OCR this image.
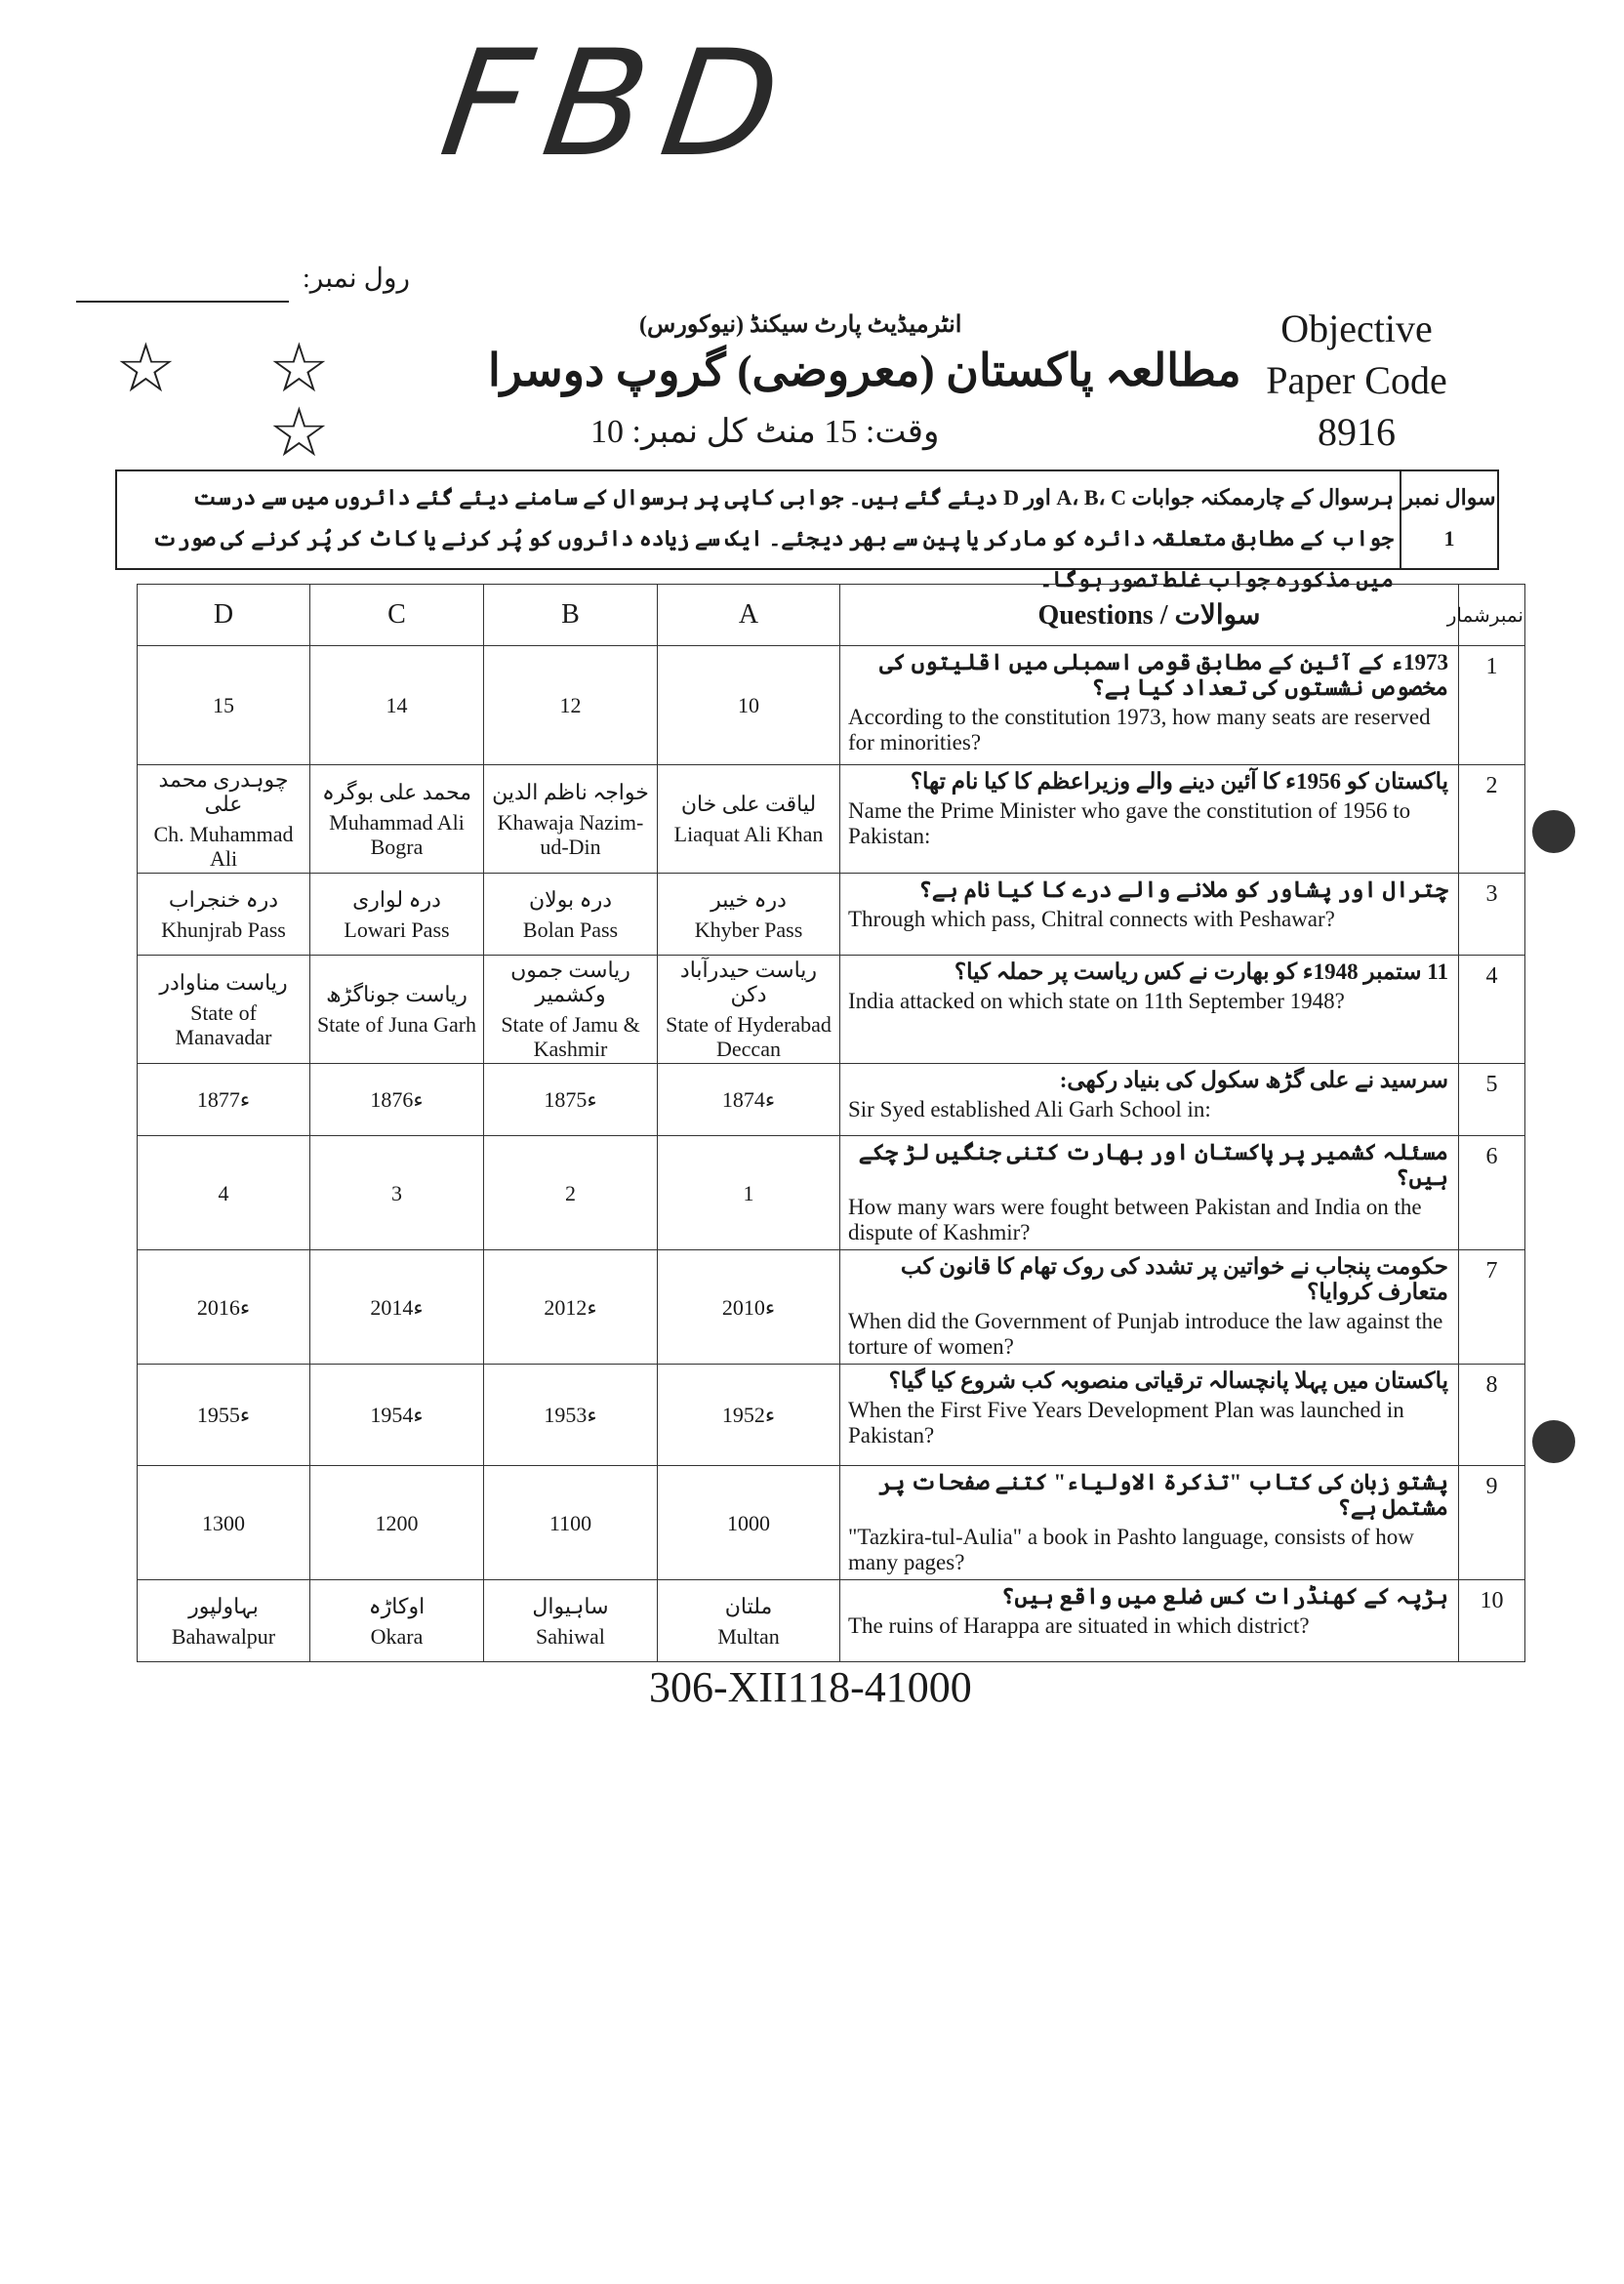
FBD
رول نمبر:
☆ ☆
☆
انٹرمیڈیٹ پارٹ سیکنڈ (نیوکورس)
مطالعہ پاکستان (معروضی) گروپ دوسرا
وقت: 15 منٹ کل نمبر: 10
Objective
Paper Code
8916
ہرسوال کے چارممکنہ جوابات A، B، C اور D دیئے گئے ہیں۔ جوابی کاپی پر ہرسوال کے سامنے دیئے گئے دائروں میں سے درست جواب کے مطابق متعلقہ دائرہ کو مارکر یا پین سے بھر دیجئے۔ ایک سے زیادہ دائروں کو پُر کرنے یا کاٹ کر پُر کرنے کی صورت میں مذکورہ جواب غلط تصور ہوگا۔
سوال نمبر
1
D	C	B	A	Questions / سوالات	نمبرشمار
15	14	12	10	1973ء کے آئین کے مطابق قومی اسمبلی میں اقلیتوں کی مخصوص نشستوں کی تعداد کیا ہے؟
According to the constitution 1973, how many seats are reserved for minorities?	1

چوہدری محمد علی
Ch. Muhammad Ali	محمد علی بوگرہ
Muhammad Ali Bogra	خواجہ ناظم الدین
Khawaja Nazim-ud-Din	لیاقت علی خان
Liaquat Ali Khan	پاکستان کو 1956ء کا آئین دینے والے وزیراعظم کا کیا نام تھا؟
Name the Prime Minister who gave the constitution of 1956 to Pakistan:	2

درہ خنجراب
Khunjrab Pass	درہ لواری
Lowari Pass	درہ بولان
Bolan Pass	درہ خیبر
Khyber Pass	چترال اور پشاور کو ملانے والے درے کا کیا نام ہے؟
Through which pass, Chitral connects with Peshawar?	3

ریاست مناوادر
State of Manavadar	ریاست جوناگڑھ
State of Juna Garh	ریاست جموں وکشمیر
State of Jamu & Kashmir	ریاست حیدرآباد دکن
State of Hyderabad Deccan	11 ستمبر 1948ء کو بھارت نے کس ریاست پر حملہ کیا؟
India attacked on which state on 11th September 1948?	4
1877ء	1876ء	1875ء	1874ء	سرسید نے علی گڑھ سکول کی بنیاد رکھی:
Sir Syed established Ali Garh School in:	5
4	3	2	1	مسئلہ کشمیر پر پاکستان اور بھارت کتنی جنگیں لڑ چکے ہیں؟
How many wars were fought between Pakistan and India on the dispute of Kashmir?	6
2016ء	2014ء	2012ء	2010ء	حکومت پنجاب نے خواتین پر تشدد کی روک تھام کا قانون کب متعارف کروایا؟
When did the Government of Punjab introduce the law against the torture of women?	7
1955ء	1954ء	1953ء	1952ء	پاکستان میں پہلا پانچسالہ ترقیاتی منصوبہ کب شروع کیا گیا؟
When the First Five Years Development Plan was launched in Pakistan?	8
1300	1200	1100	1000	پشتو زبان کی کتاب "تذکرۃ الاولیاء" کتنے صفحات پر مشتمل ہے؟
"Tazkira-tul-Aulia" a book in Pashto language, consists of how many pages?	9

بہاولپور
Bahawalpur	اوکاڑہ
Okara	ساہیوال
Sahiwal	ملتان
Multan	ہڑپہ کے کھنڈرات کس ضلع میں واقع ہیں؟
The ruins of Harappa are situated in which district?	10
306-XII118-41000
